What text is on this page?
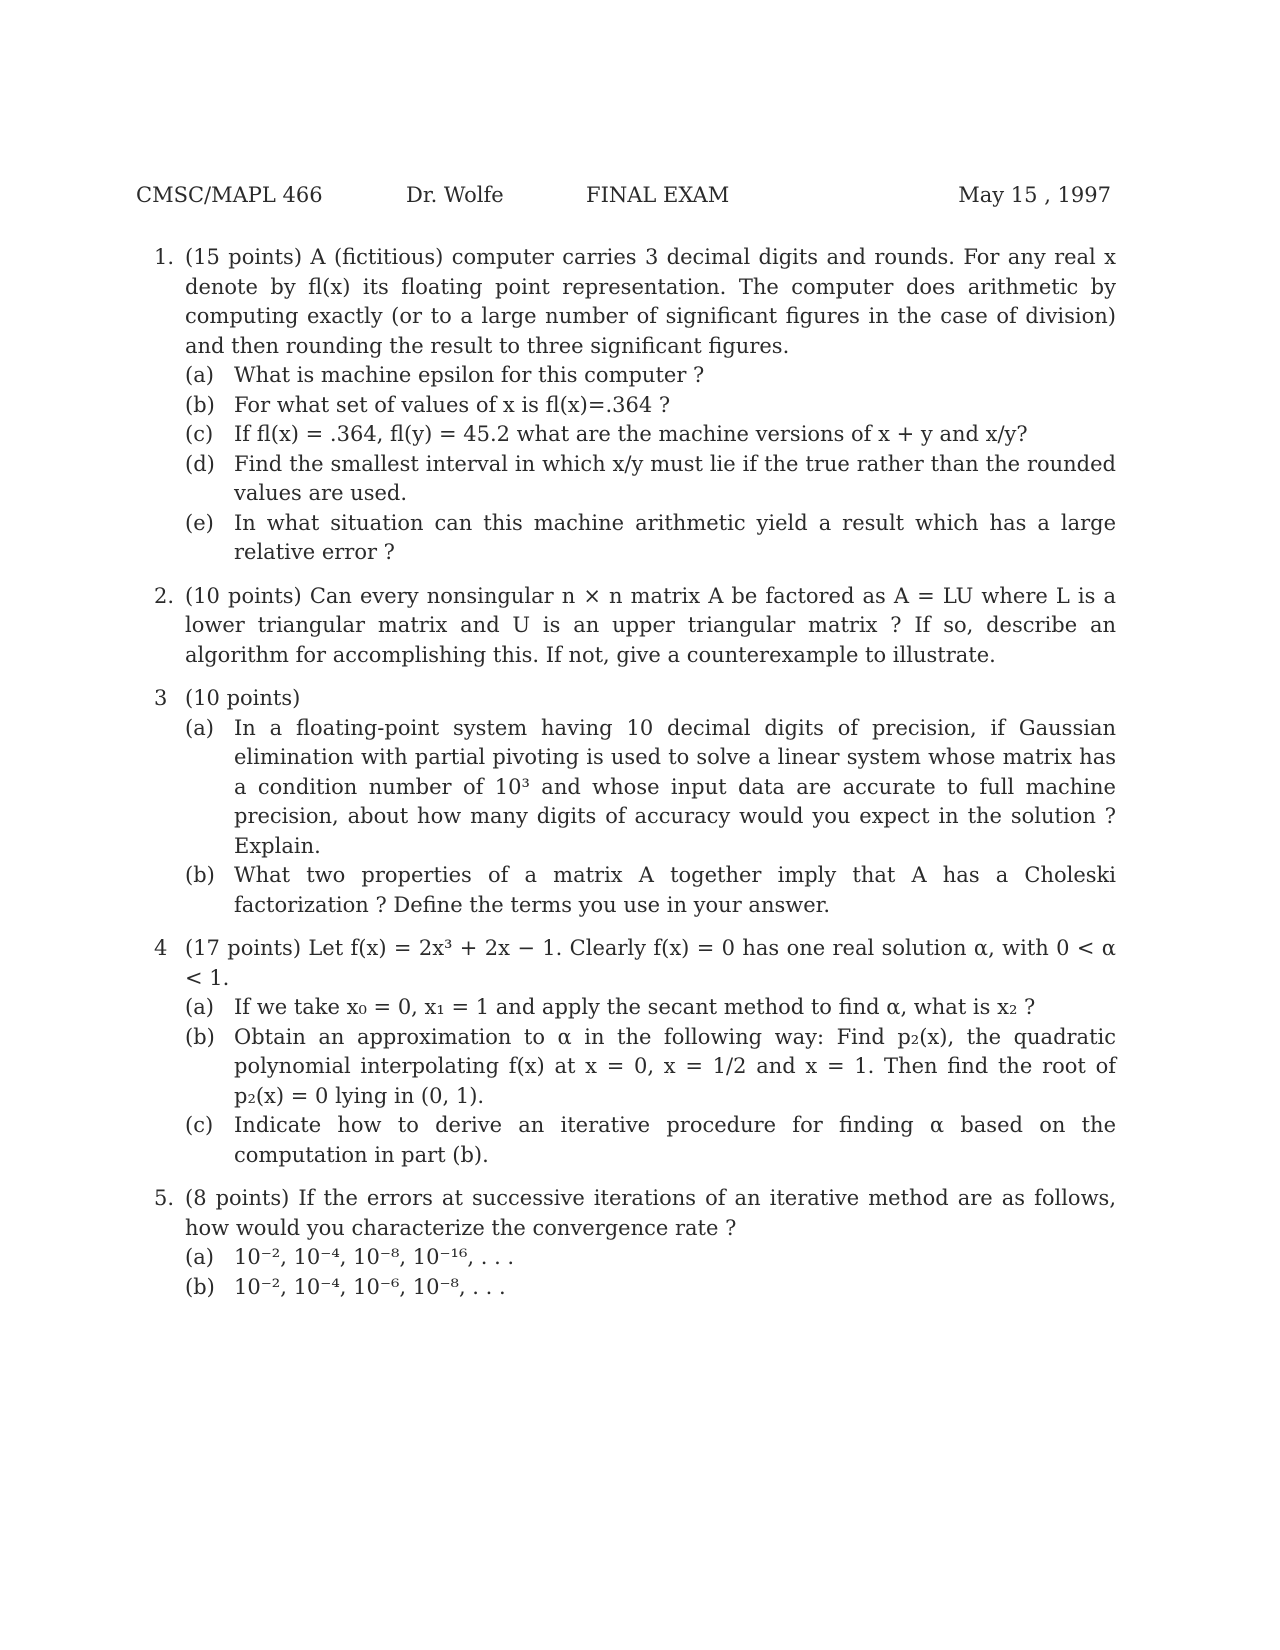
CMSC/MAPL 466	Dr. Wolfe	FINAL EXAM	May 15 , 1997
1. (15 points) A (fictitious) computer carries 3 decimal digits and rounds. For any real x denote by fl(x) its floating point representation. The computer does arithmetic by computing exactly (or to a large number of significant figures in the case of division) and then rounding the result to three significant figures.
(a) What is machine epsilon for this computer ?
(b) For what set of values of x is fl(x)=.364 ?
(c) If fl(x) = .364, fl(y) = 45.2 what are the machine versions of x + y and x/y?
(d) Find the smallest interval in which x/y must lie if the true rather than the rounded values are used.
(e) In what situation can this machine arithmetic yield a result which has a large relative error ?
2. (10 points) Can every nonsingular n × n matrix A be factored as A = LU where L is a lower triangular matrix and U is an upper triangular matrix ? If so, describe an algorithm for accomplishing this. If not, give a counterexample to illustrate.
3 (10 points)
(a) In a floating-point system having 10 decimal digits of precision, if Gaussian elimination with partial pivoting is used to solve a linear system whose matrix has a condition number of 10³ and whose input data are accurate to full machine precision, about how many digits of accuracy would you expect in the solution ? Explain.
(b) What two properties of a matrix A together imply that A has a Choleski factorization ? Define the terms you use in your answer.
4 (17 points) Let f(x) = 2x³ + 2x − 1. Clearly f(x) = 0 has one real solution α, with 0 < α < 1.
(a) If we take x₀ = 0, x₁ = 1 and apply the secant method to find α, what is x₂ ?
(b) Obtain an approximation to α in the following way: Find p₂(x), the quadratic polynomial interpolating f(x) at x = 0, x = 1/2 and x = 1. Then find the root of p₂(x) = 0 lying in (0, 1).
(c) Indicate how to derive an iterative procedure for finding α based on the computation in part (b).
5. (8 points) If the errors at successive iterations of an iterative method are as follows, how would you characterize the convergence rate ?
(a) 10⁻², 10⁻⁴, 10⁻⁸, 10⁻¹⁶, . . .
(b) 10⁻², 10⁻⁴, 10⁻⁶, 10⁻⁸, . . .
